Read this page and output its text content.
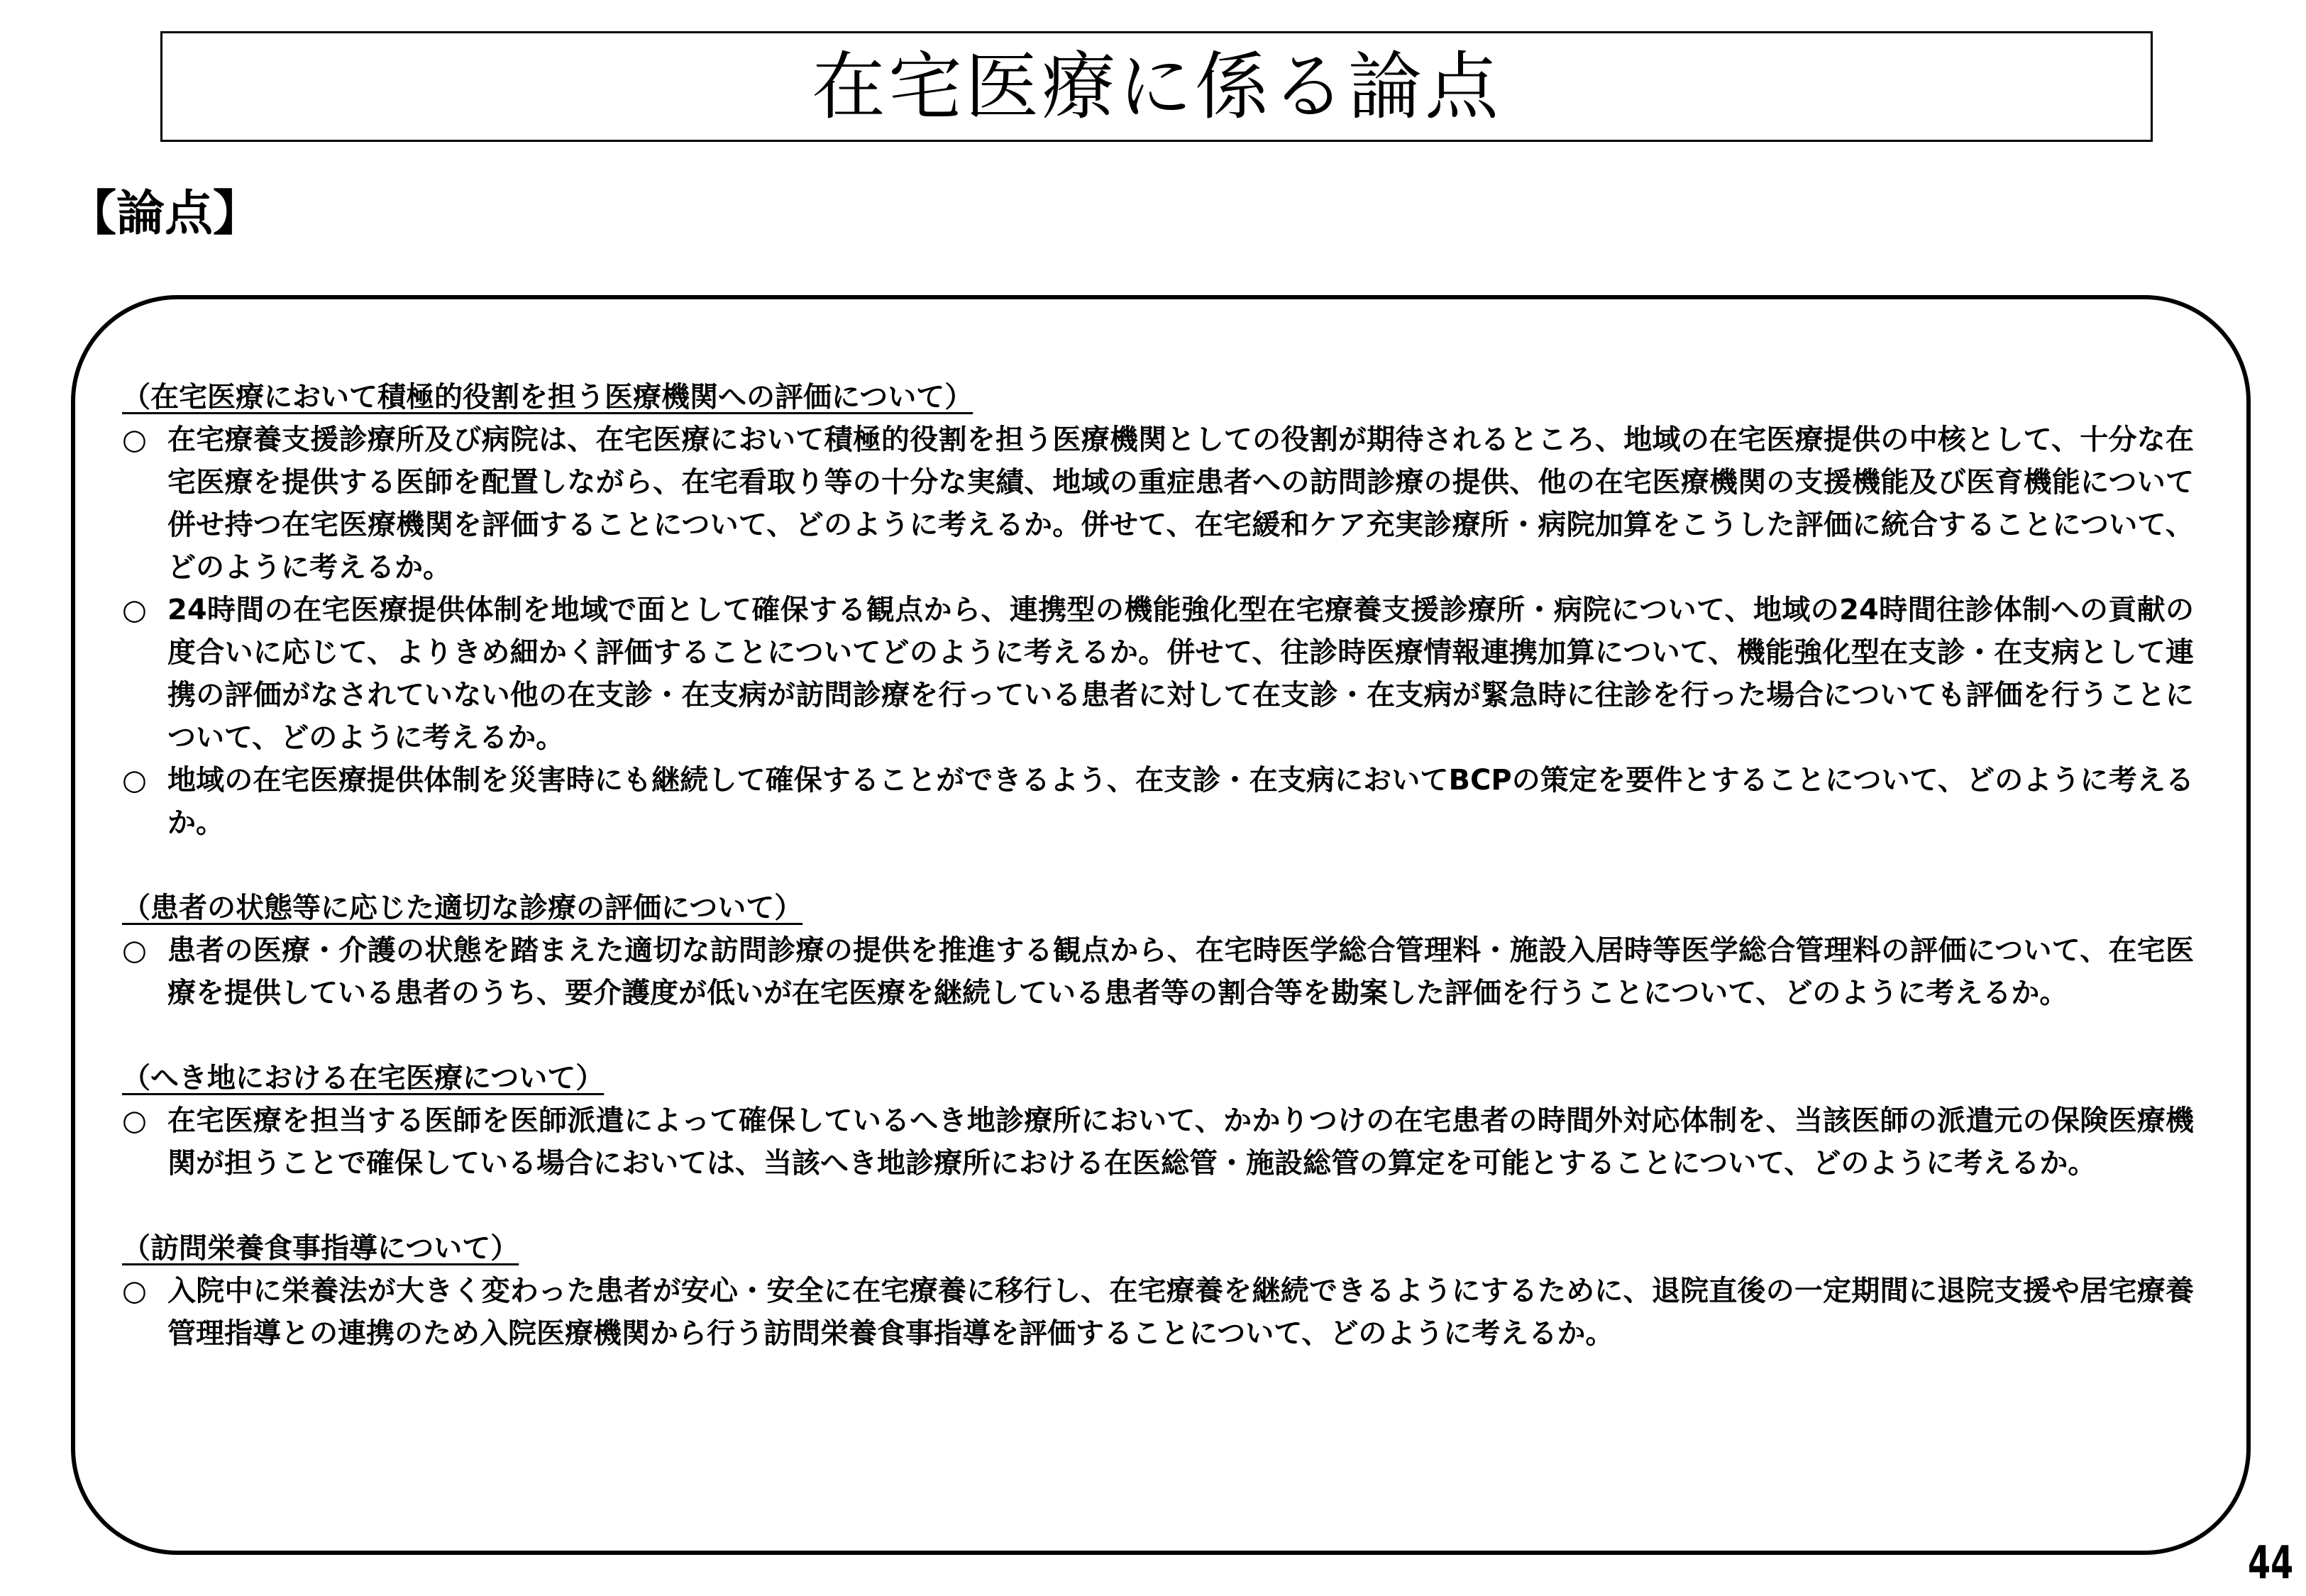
在宅医療に係る論点
【論点】
（在宅医療において積極的役割を担う医療機関への評価について）
○ 在宅療養支援診療所及び病院は、在宅医療において積極的役割を担う医療機関としての役割が期待されるところ、地域の在宅医療提供の中核として、十分な在宅医療を提供する医師を配置しながら、在宅看取り等の十分な実績、地域の重症患者への訪問診療の提供、他の在宅医療機関の支援機能及び医育機能について併せ持つ在宅医療機関を評価することについて、どのように考えるか。併せて、在宅緩和ケア充実診療所・病院加算をこうした評価に統合することについて、どのように考えるか。
○ 24時間の在宅医療提供体制を地域で面として確保する観点から、連携型の機能強化型在宅療養支援診療所・病院について、地域の24時間往診体制への貢献の度合いに応じて、よりきめ細かく評価することについてどのように考えるか。併せて、往診時医療情報連携加算について、機能強化型在支診・在支病として連携の評価がなされていない他の在支診・在支病が訪問診療を行っている患者に対して在支診・在支病が緊急時に往診を行った場合についても評価を行うことについて、どのように考えるか。
○ 地域の在宅医療提供体制を災害時にも継続して確保することができるよう、在支診・在支病においてBCPの策定を要件とすることについて、どのように考えるか。
（患者の状態等に応じた適切な診療の評価について）
○ 患者の医療・介護の状態を踏まえた適切な訪問診療の提供を推進する観点から、在宅時医学総合管理料・施設入居時等医学総合管理料の評価について、在宅医療を提供している患者のうち、要介護度が低いが在宅医療を継続している患者等の割合等を勘案した評価を行うことについて、どのように考えるか。
（へき地における在宅医療について）
○ 在宅医療を担当する医師を医師派遣によって確保しているへき地診療所において、かかりつけの在宅患者の時間外対応体制を、当該医師の派遣元の保険医療機関が担うことで確保している場合においては、当該へき地診療所における在医総管・施設総管の算定を可能とすることについて、どのように考えるか。
（訪問栄養食事指導について）
○ 入院中に栄養法が大きく変わった患者が安心・安全に在宅療養に移行し、在宅療養を継続できるようにするために、退院直後の一定期間に退院支援や居宅療養管理指導との連携のため入院医療機関から行う訪問栄養食事指導を評価することについて、どのように考えるか。
44
